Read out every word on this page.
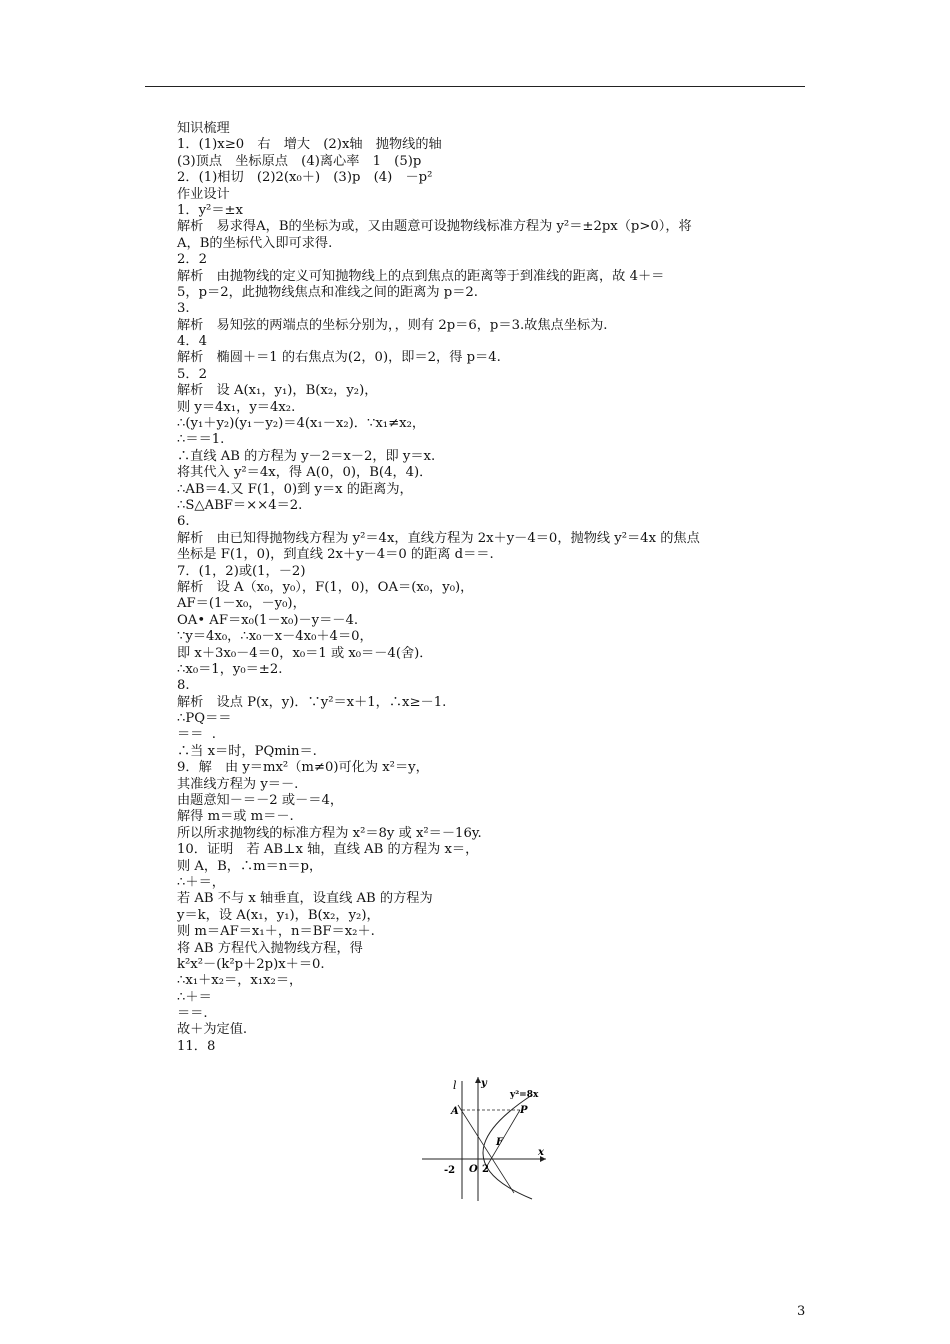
知识梳理
1．(1)x≥0　右　增大　(2)x轴　抛物线的轴
(3)顶点　坐标原点　(4)离心率　1　(5)p
2．(1)相切　(2)2(x₀＋)　(3)p　(4)　－p²
作业设计
1．y²＝±x
解析　易求得A，B的坐标为或，又由题意可设抛物线标准方程为 y²＝±2px（p>0），将
A，B的坐标代入即可求得.
2．2
解析　由抛物线的定义可知抛物线上的点到焦点的距离等于到准线的距离，故 4＋＝
5，p＝2，此抛物线焦点和准线之间的距离为 p＝2.
3.
解析　易知弦的两端点的坐标分别为，，则有 2p＝6，p＝3.故焦点坐标为.
4．4
解析　椭圆＋＝1 的右焦点为(2，0)，即＝2，得 p＝4.
5．2
解析　设 A(x₁，y₁)，B(x₂，y₂)，
则 y＝4x₁，y＝4x₂.
∴(y₁＋y₂)(y₁－y₂)＝4(x₁－x₂)．∵x₁≠x₂，
∴＝＝1.
∴直线 AB 的方程为 y－2＝x－2，即 y＝x.
将其代入 y²＝4x，得 A(0，0)，B(4，4)．
∴AB＝4.又 F(1，0)到 y＝x 的距离为，
∴S△ABF＝××4＝2.
6.
解析　由已知得抛物线方程为 y²＝4x，直线方程为 2x＋y－4＝0，抛物线 y²＝4x 的焦点
坐标是 F(1，0)，到直线 2x＋y－4＝0 的距离 d＝＝.
7．(1，2)或(1，－2)
解析　设 A（x₀，y₀），F(1，0)，OA＝(x₀，y₀)，
AF＝(1－x₀，－y₀)，
OA• AF＝x₀(1－x₀)－y＝－4.
∵y＝4x₀，∴x₀－x－4x₀＋4＝0，
即 x＋3x₀－4＝0，x₀＝1 或 x₀＝－4(舍)．
∴x₀＝1，y₀＝±2.
8.
解析　设点 P(x，y)．∵y²＝x＋1，∴x≥－1.
∴PQ＝＝
＝＝  .
∴当 x＝时，PQmin＝.
9．解　由 y＝mx²（m≠0)可化为 x²＝y，
其准线方程为 y＝－.
由题意知－＝－2 或－＝4，
解得 m＝或 m＝－.
所以所求抛物线的标准方程为 x²＝8y 或 x²＝－16y.
10．证明　若 AB⊥x 轴，直线 AB 的方程为 x＝，
则 A，B，∴m＝n＝p，
∴＋＝，
若 AB 不与 x 轴垂直，设直线 AB 的方程为
y＝k，设 A(x₁，y₁)，B(x₂，y₂)，
则 m＝AF＝x₁＋，n＝BF＝x₂＋.
将 AB 方程代入抛物线方程，得
k²x²－(k²p＋2p)x＋＝0.
∴x₁＋x₂＝，x₁x₂＝，
∴＋＝
＝＝.
故＋为定值.
11．8
l y
y²=8x
A	P
F
-2 O 2
x
3
